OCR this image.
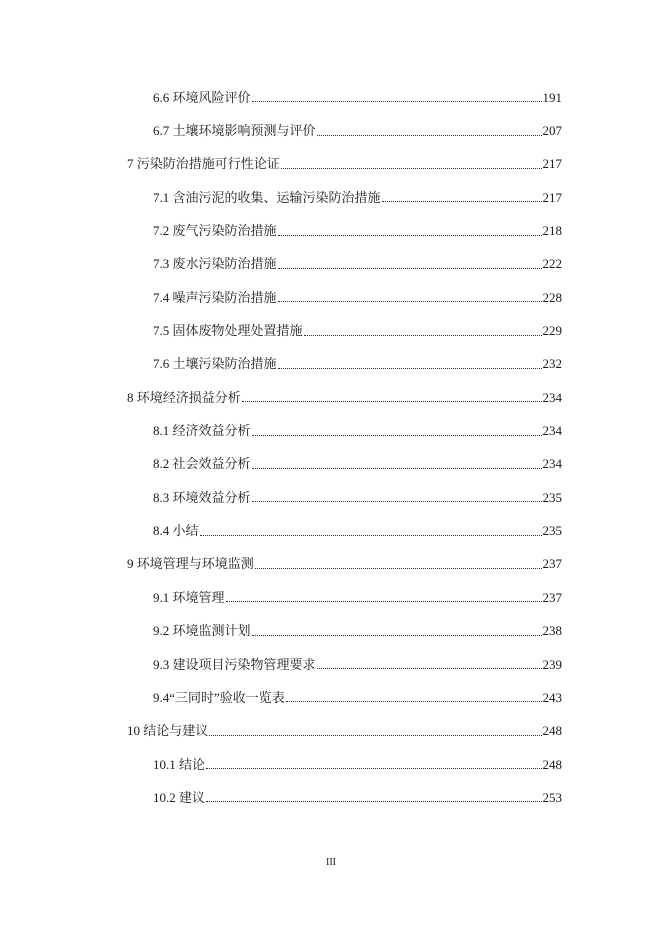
6.6 环境风险评价	191
6.7 土壤环境影响预测与评价	207
7 污染防治措施可行性论证	217
7.1 含油污泥的收集、运输污染防治措施	217
7.2 废气污染防治措施	218
7.3 废水污染防治措施	222
7.4 噪声污染防治措施	228
7.5 固体废物处理处置措施	229
7.6 土壤污染防治措施	232
8 环境经济损益分析	234
8.1 经济效益分析	234
8.2 社会效益分析	234
8.3 环境效益分析	235
8.4 小结	235
9 环境管理与环境监测	237
9.1 环境管理	237
9.2 环境监测计划	238
9.3 建设项目污染物管理要求	239
9.4“三同时”验收一览表	243
10 结论与建议	248
10.1 结论	248
10.2 建议	253
III
